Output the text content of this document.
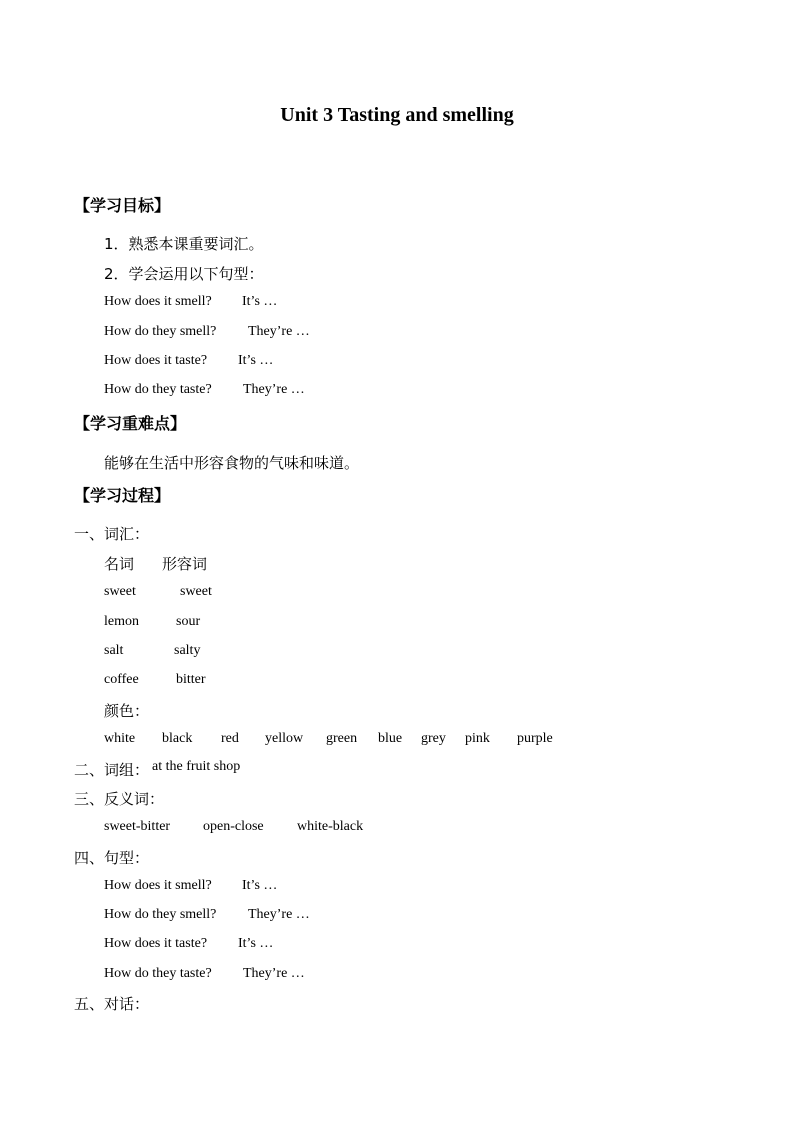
Unit 3 Tasting and smelling
【学习目标】
1．熟悉本课重要词汇。
2．学会运用以下句型：
How does it smell? It’s …
How do they smell? They’re …
How does it taste? It’s …
How do they taste? They’re …
【学习重难点】
能够在生活中形容食物的气味和味道。
【学习过程】
一、词汇：
名词 形容词
sweet	sweet
lemon	sour
salt	salty
coffee	bitter
颜色：
white black red yellow green blue grey pink purple
二、词组： at the fruit shop
三、反义词：
sweet-bitter open-close white-black
四、句型：
How does it smell? It’s …
How do they smell? They’re …
How does it taste? It’s …
How do they taste? They’re …
五、对话：
